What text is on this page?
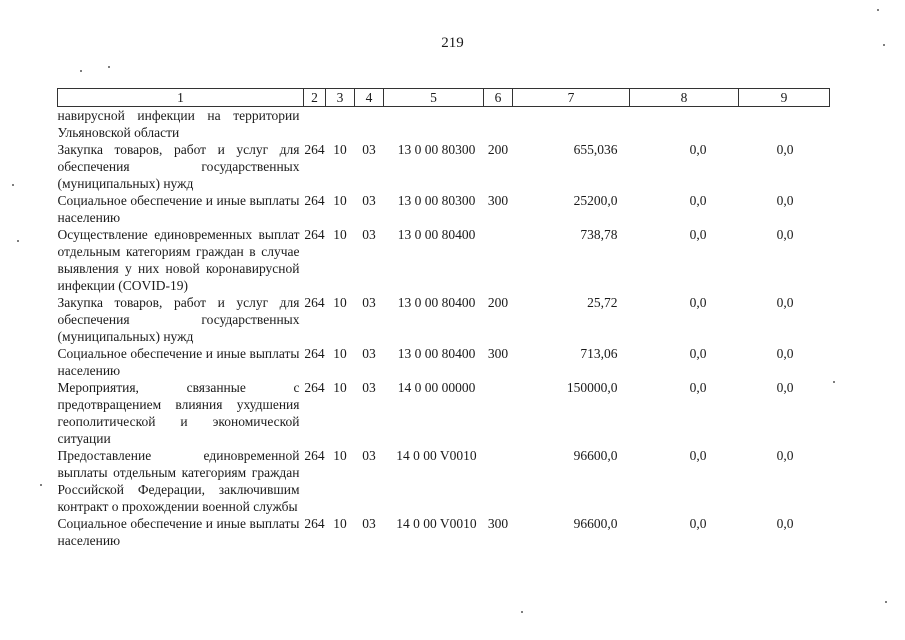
219
1	2	3	4	5	6	7	8	9
навирусной инфекции на территории Ульяновской области								
Закупка товаров, работ и услуг для обеспечения государственных (муниципальных) нужд	264	10	03	13 0 00 80300	200	655,036	0,0	0,0
Социальное обеспечение и иные выплаты населению	264	10	03	13 0 00 80300	300	25200,0	0,0	0,0
Осуществление единовременных выплат отдельным категориям граждан в случае выявления у них новой коронавирусной инфекции (COVID-19)	264	10	03	13 0 00 80400		738,78	0,0	0,0
Закупка товаров, работ и услуг для обеспечения государственных (муниципальных) нужд	264	10	03	13 0 00 80400	200	25,72	0,0	0,0
Социальное обеспечение и иные выплаты населению	264	10	03	13 0 00 80400	300	713,06	0,0	0,0
Мероприятия, связанные с предотвращением влияния ухудшения геополитической и экономической ситуации	264	10	03	14 0 00 00000		150000,0	0,0	0,0
Предоставление единовременной выплаты отдельным категориям граждан Российской Федерации, заключившим контракт о прохождении военной службы	264	10	03	14 0 00 V0010		96600,0	0,0	0,0
Социальное обеспечение и иные выплаты населению	264	10	03	14 0 00 V0010	300	96600,0	0,0	0,0
